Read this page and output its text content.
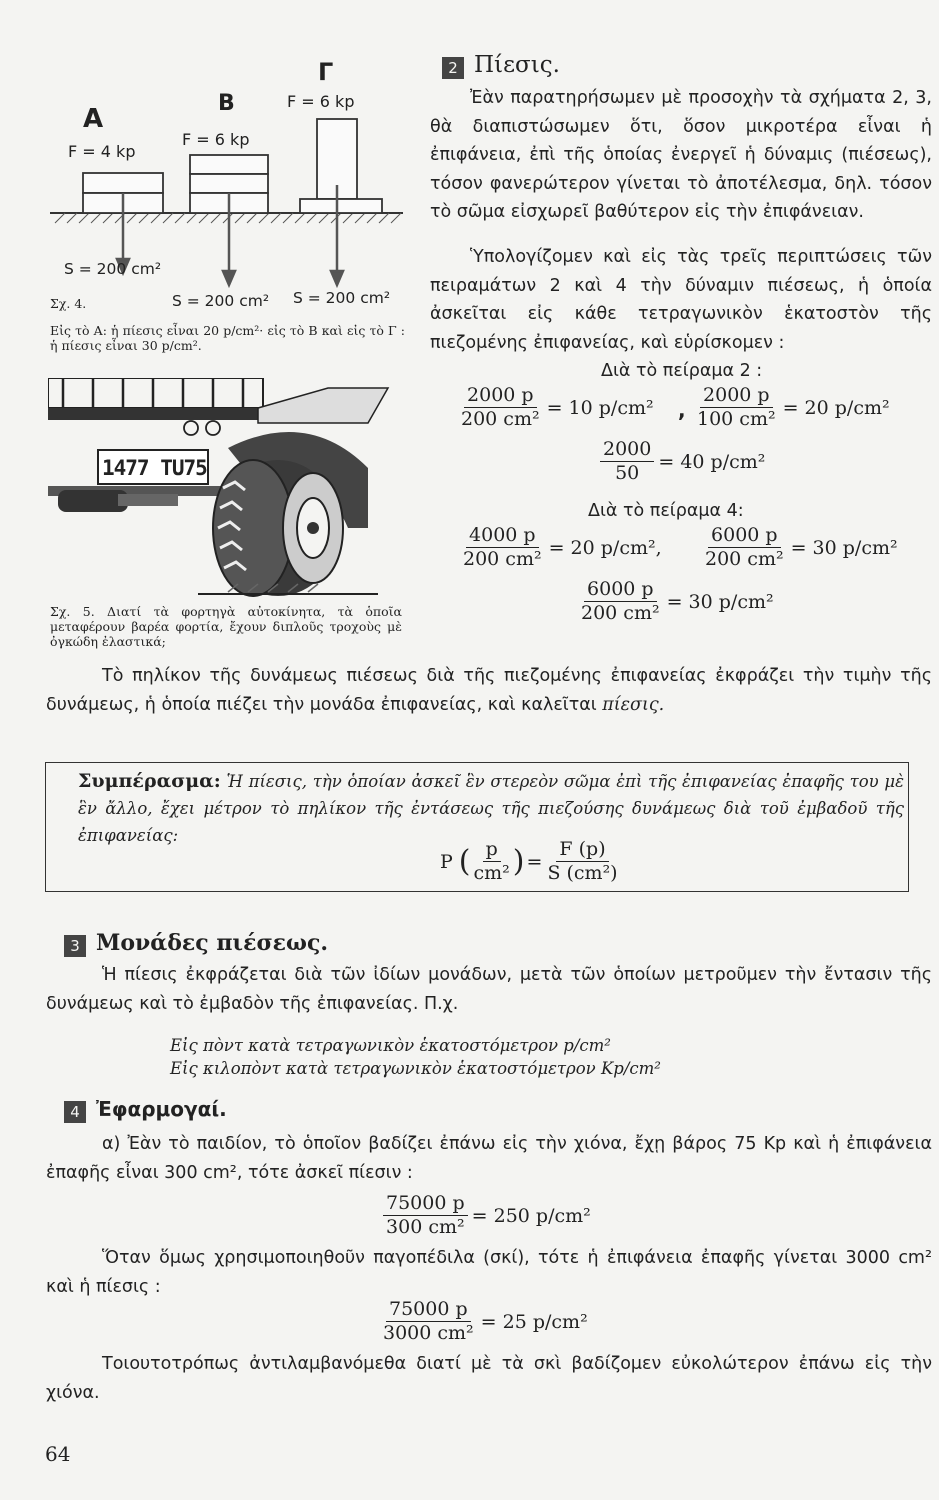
A
B
Γ
F = 4 kp
F = 6 kp
F = 6 kp
S = 200 cm²
S = 200 cm² S = 200 cm²
Σχ. 4.
Εἰς τὸ Α: ἡ πίεσις εἶναι 20 p/cm²· εἰς τὸ Β καὶ εἰς τὸ Γ : ἡ πίεσις εἶναι 30 p/cm².
1477 TU75
Σχ. 5. Διατί τὰ φορτηγὰ αὐτοκίνητα, τὰ ὁποῖα μεταφέρουν βαρέα φορτία, ἔχουν διπλοῦς τροχοὺς μὲ ὀγκώδη ἐλαστικά;
2 Πίεσις.
Ἐὰν παρατηρήσωμεν μὲ προσοχὴν τὰ σχήματα 2, 3, θὰ διαπιστώσωμεν ὅτι, ὅσον μικροτέρα εἶναι ἡ ἐπιφάνεια, ἐπὶ τῆς ὁποίας ἐνεργεῖ ἡ δύναμις (πιέσεως), τόσον φανερώτερον γίνεται τὸ ἀποτέλεσμα, δηλ. τόσον τὸ σῶμα εἰσχωρεῖ βαθύτερον εἰς τὴν ἐπιφάνειαν.
Ὑπολογίζομεν καὶ εἰς τὰς τρεῖς περιπτώσεις τῶν πειραμάτων 2 καὶ 4 τὴν δύναμιν πιέσεως, ἡ ὁποία ἀσκεῖται εἰς κάθε τετραγωνικὸν ἑκατοστὸν τῆς πιεζομένης ἐπιφανείας, καὶ εὑρίσκομεν :
Διὰ τὸ πείραμα 2 :
$\frac{2000 p}{\text{200 cm²}} = 10$ p/cm² , $\frac{2000 p}{\text{100 cm²}} = 20$ p/cm²
$\frac{2000}{50} = 40$ p/cm²
Διὰ τὸ πείραμα 4:
$\frac{4000 p}{\text{200 cm²}} = 20$ p/cm², $\frac{6000 p}{\text{200 cm²}} = 30$ p/cm²
$\frac{6000 p}{\text{200 cm²}} = 30$ p/cm²
Τὸ πηλίκον τῆς δυνάμεως πιέσεως διὰ τῆς πιεζομένης ἐπιφανείας ἐκφράζει τὴν τιμὴν τῆς δυνάμεως, ἡ ὁποία πιέζει τὴν μονάδα ἐπιφανείας, καὶ καλεῖται πίεσις.
Συμπέρασμα: Ἡ πίεσις, τὴν ὁποίαν ἀσκεῖ ἓν στερεὸν σῶμα ἐπὶ τῆς ἐπιφανείας ἐπαφῆς του μὲ ἓν ἄλλο, ἔχει μέτρον τὸ πηλίκον τῆς ἐντάσεως τῆς πιεζούσης δυνάμεως διὰ τοῦ ἐμβαδοῦ τῆς ἐπιφανείας:
P ( $\frac{p}{\text{cm²}}$ ) = $\frac{F (p)}{\text{S (cm²)}}$
3 Μονάδες πιέσεως.
Ἡ πίεσις ἐκφράζεται διὰ τῶν ἰδίων μονάδων, μετὰ τῶν ὁποίων μετροῦμεν τὴν ἔντασιν τῆς δυνάμεως καὶ τὸ ἐμβαδὸν τῆς ἐπιφανείας. Π.χ.
Εἰς πὸντ κατὰ τετραγωνικὸν ἑκατοστόμετρον p/cm²
Εἰς κιλοπὸντ κατὰ τετραγωνικὸν ἑκατοστόμετρον Kp/cm²
4 Ἐφαρμογαί.
α) Ἐὰν τὸ παιδίον, τὸ ὁποῖον βαδίζει ἐπάνω εἰς τὴν χιόνα, ἔχῃ βάρος 75 Kp καὶ ἡ ἐπιφάνεια ἐπαφῆς εἶναι 300 cm², τότε ἀσκεῖ πίεσιν :
$\frac{75000 p}{\text{300 cm²}} = 250$ p/cm²
Ὅταν ὅμως χρησιμοποιηθοῦν παγοπέδιλα (σκί), τότε ἡ ἐπιφάνεια ἐπαφῆς γίνεται 3000 cm² καὶ ἡ πίεσις :
$\frac{75000 p}{\text{3000 cm²}} = 25$ p/cm²
Τοιουτοτρόπως ἀντιλαμβανόμεθα διατί μὲ τὰ σκὶ βαδίζομεν εὐκολώτερον ἐπάνω εἰς τὴν χιόνα.
64
